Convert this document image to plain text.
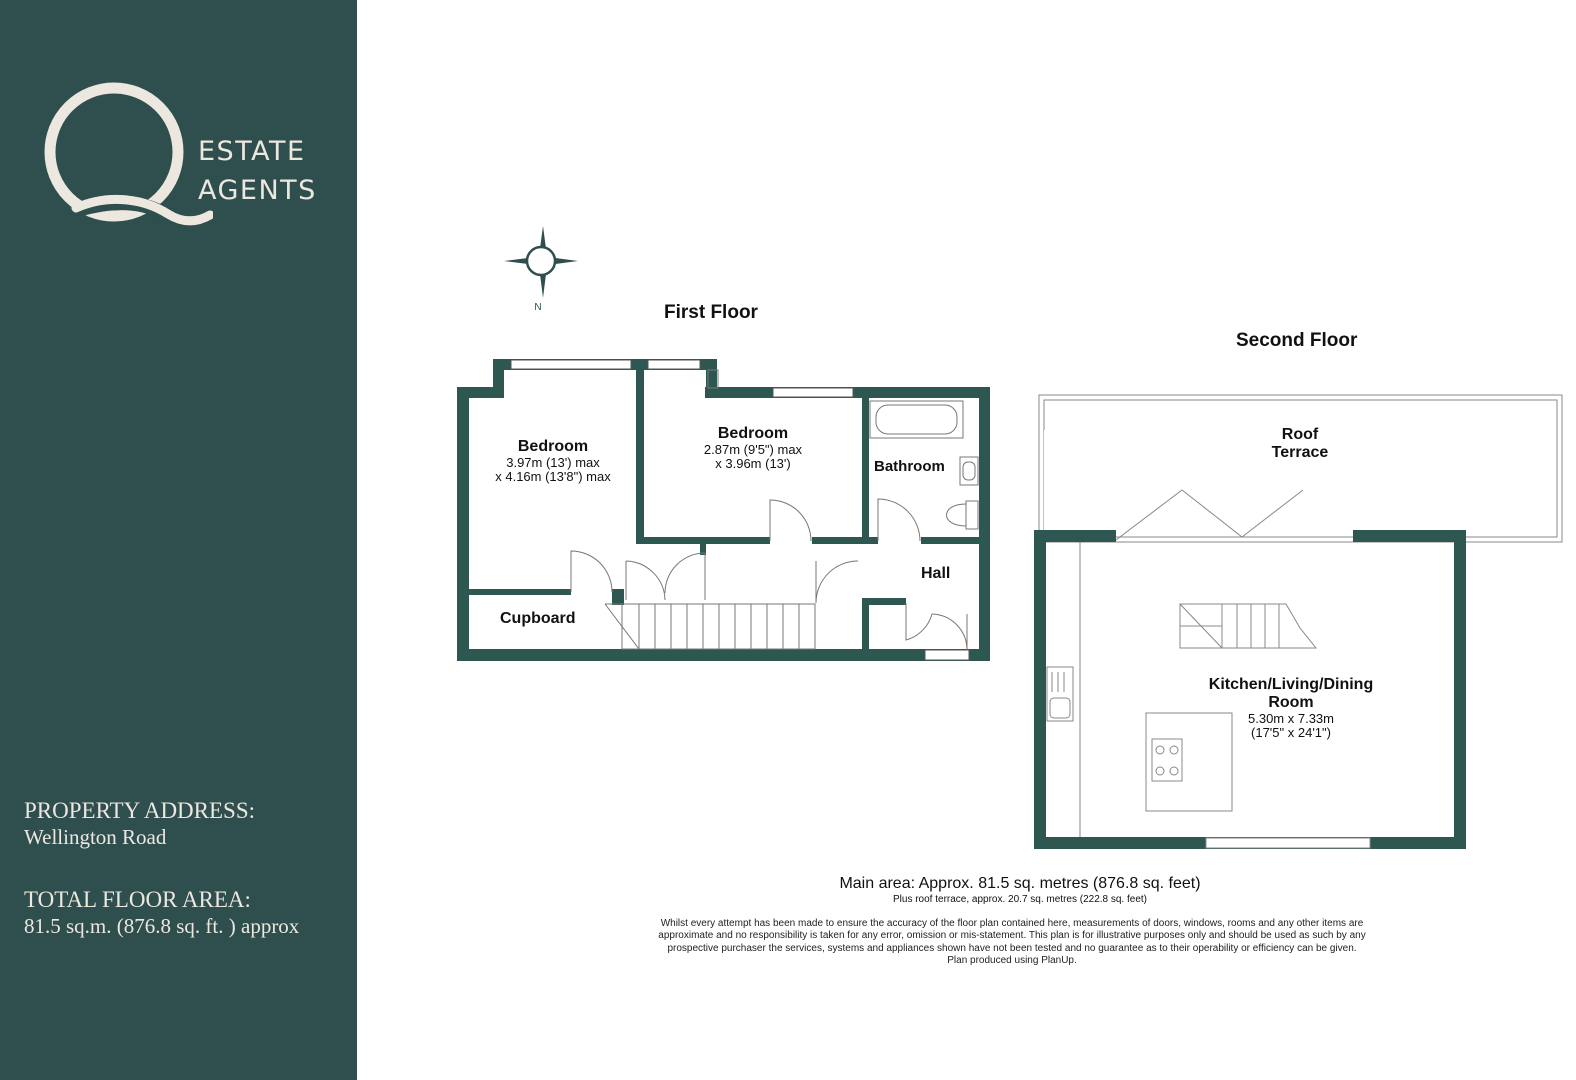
ESTATE
AGENTS
PROPERTY ADDRESS:
Wellington Road
TOTAL FLOOR AREA:
81.5 sq.m. (876.8 sq. ft. ) approx
N	First Floor
Second Floor
Bedroom
3.97m (13') max
x 4.16m (13'8") max
Bedroom
2.87m (9'5") max
x 3.96m (13')	Bathroom
Hall
Cupboard
Roof
Terrace
Kitchen/Living/Dining
Room
5.30m x 7.33m
(17'5" x 24'1")
Main area: Approx. 81.5 sq. metres (876.8 sq. feet)
Plus roof terrace, approx. 20.7 sq. metres (222.8 sq. feet)
Whilst every attempt has been made to ensure the accuracy of the floor plan contained here, measurements of doors, windows, rooms and any other items are
approximate and no responsibility is taken for any error, omission or mis-statement. This plan is for illustrative purposes only and should be used as such by any
prospective purchaser the services, systems and appliances shown have not been tested and no guarantee as to their operability or efficiency can be given.
Plan produced using PlanUp.
